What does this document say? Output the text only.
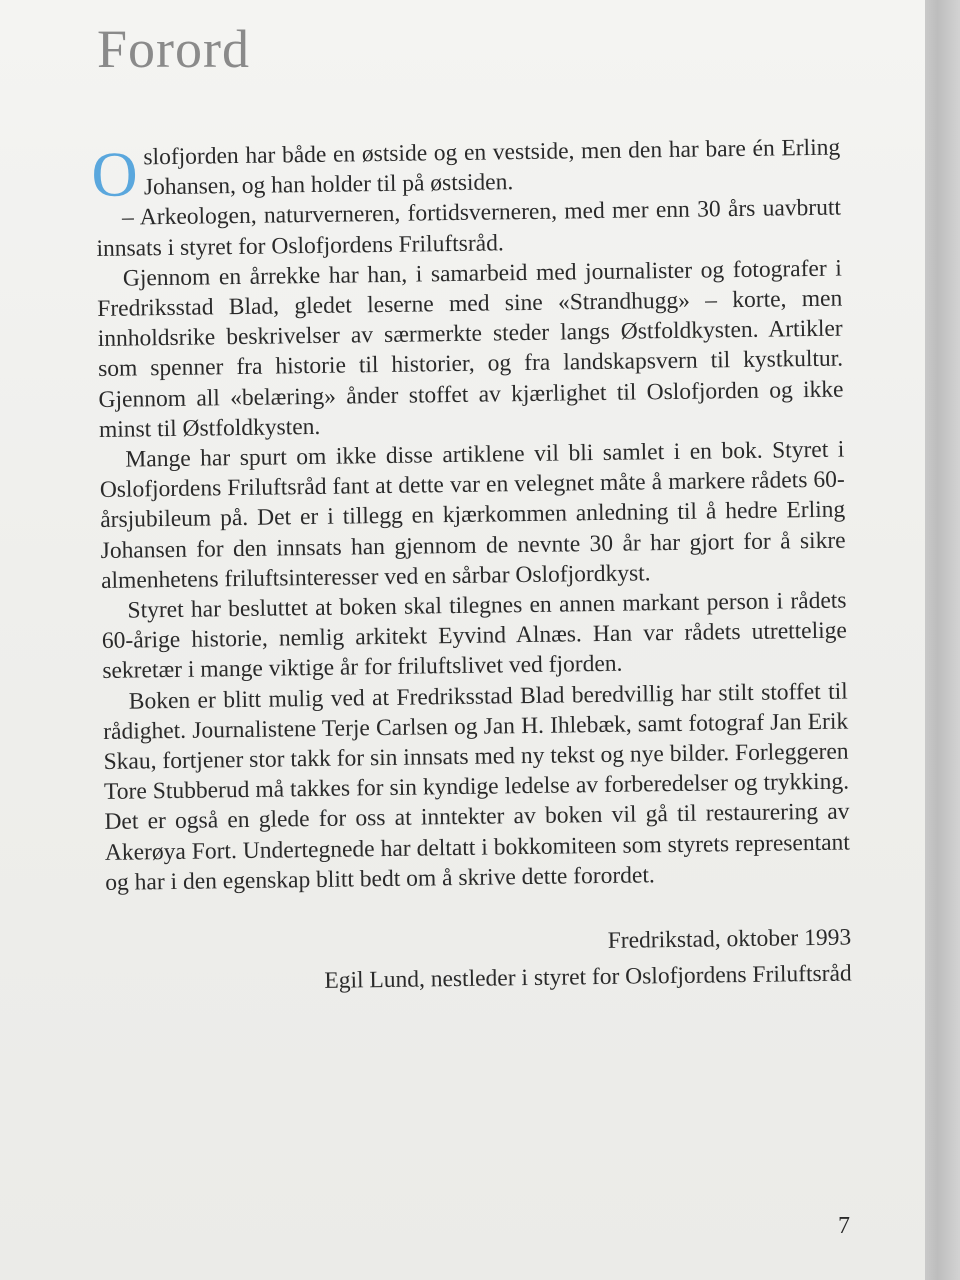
Forord

Oslofjorden har både en østside og en vestside, men den har bare én Erling Johansen, og han holder til på østsiden.

– Arkeologen, naturverneren, fortidsverneren, med mer enn 30 års uavbrutt innsats i styret for Oslofjordens Friluftsråd.

Gjennom en årrekke har han, i samarbeid med journalister og fotografer i Fredriksstad Blad, gledet leserne med sine «Strandhugg» – korte, men innholdsrike beskrivelser av særmerkte steder langs Østfoldkysten. Artikler som spenner fra historie til historier, og fra landskapsvern til kystkultur. Gjennom all «belæring» ånder stoffet av kjærlighet til Oslofjorden og ikke minst til Østfoldkysten.

Mange har spurt om ikke disse artiklene vil bli samlet i en bok. Styret i Oslofjordens Friluftsråd fant at dette var en velegnet måte å markere rådets 60-årsjubileum på. Det er i tillegg en kjærkommen anledning til å hedre Erling Johansen for den innsats han gjennom de nevnte 30 år har gjort for å sikre almenhetens friluftsinteresser ved en sårbar Oslofjordkyst.

Styret har besluttet at boken skal tilegnes en annen markant person i rådets 60-årige historie, nemlig arkitekt Eyvind Alnæs. Han var rådets utrettelige sekretær i mange viktige år for friluftslivet ved fjorden.

Boken er blitt mulig ved at Fredriksstad Blad beredvillig har stilt stoffet til rådighet. Journalistene Terje Carlsen og Jan H. Ihlebæk, samt fotograf Jan Erik Skau, fortjener stor takk for sin innsats med ny tekst og nye bilder. Forleggeren Tore Stubberud må takkes for sin kyndige ledelse av forberedelser og trykking. Det er også en glede for oss at inntekter av boken vil gå til restaurering av Akerøya Fort. Undertegnede har deltatt i bokkomiteen som styrets representant og har i den egenskap blitt bedt om å skrive dette forordet.

Fredrikstad, oktober 1993
Egil Lund, nestleder i styret for Oslofjordens Friluftsråd
7
